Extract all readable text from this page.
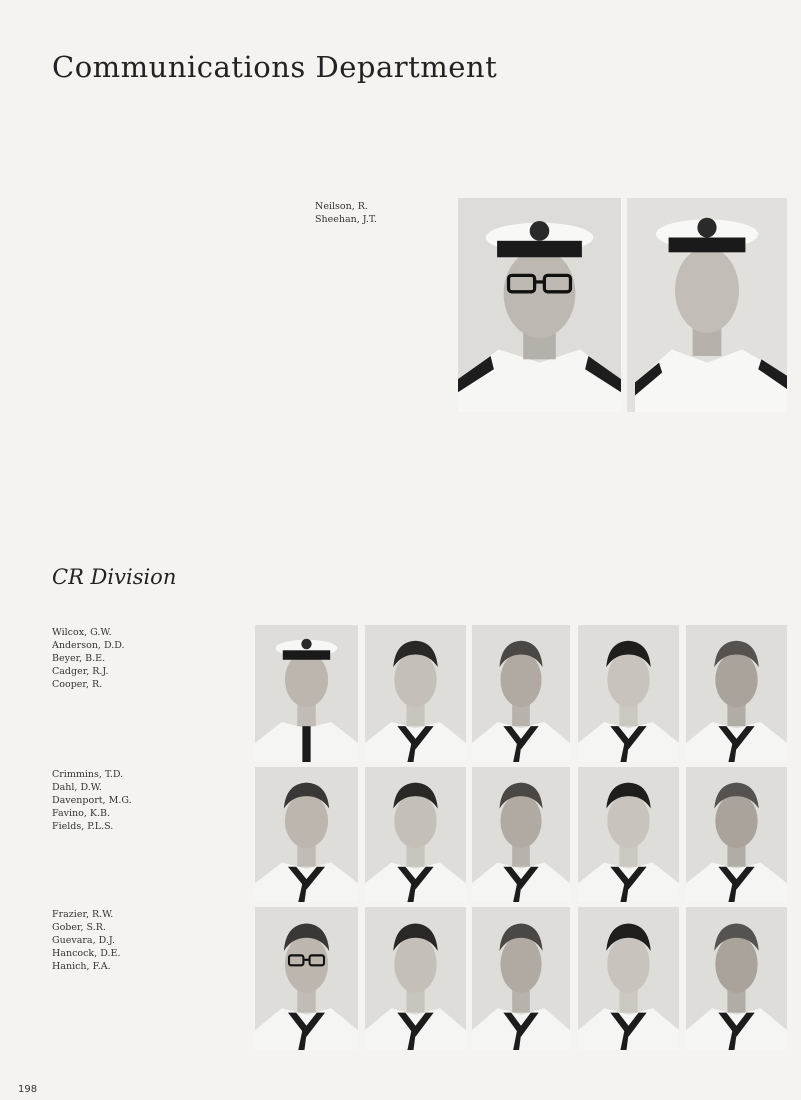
Communications Department
Neilson, R.
Sheehan, J.T.
CR Division
Wilcox, G.W.
Anderson, D.D.
Beyer, B.E.
Cadger, R.J.
Cooper, R.
Crimmins, T.D.
Dahl, D.W.
Davenport, M.G.
Favino, K.B.
Fields, P.L.S.
Frazier, R.W.
Gober, S.R.
Guevara, D.J.
Hancock, D.E.
Hanich, F.A.
198
